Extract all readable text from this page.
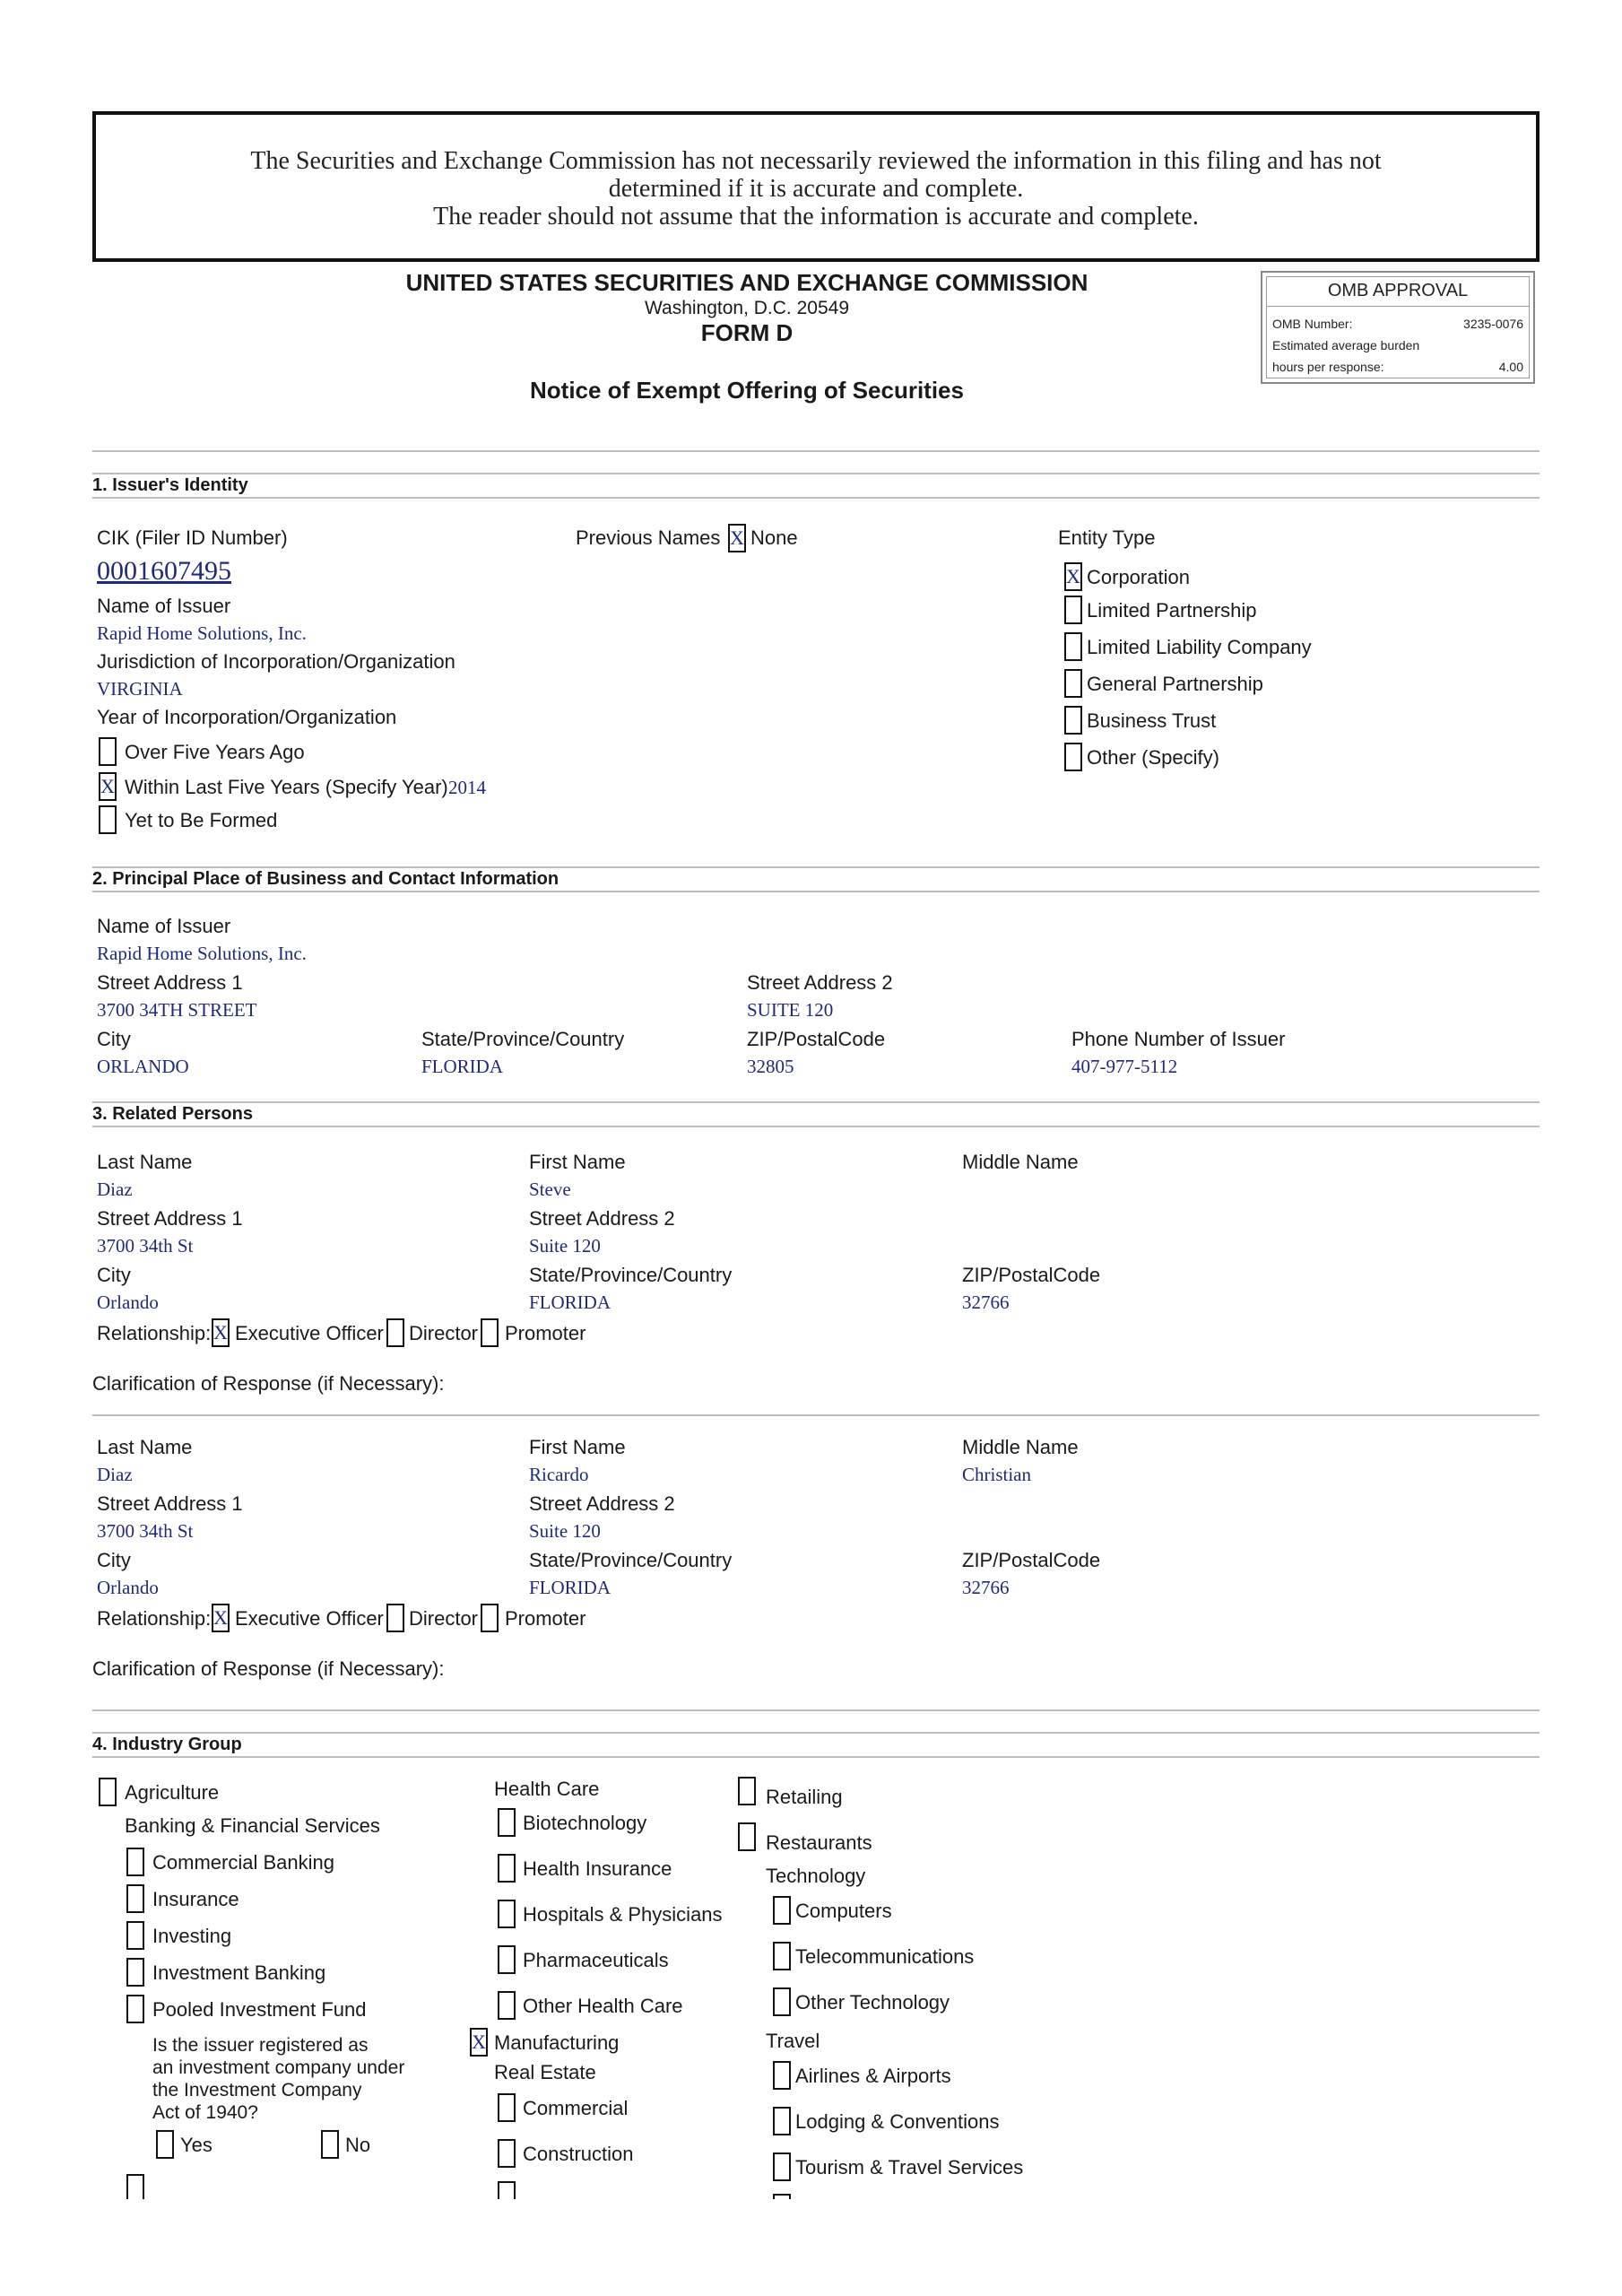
The Securities and Exchange Commission has not necessarily reviewed the information in this filing and has not
determined if it is accurate and complete.
The reader should not assume that the information is accurate and complete.
UNITED STATES SECURITIES AND EXCHANGE COMMISSION
Washington, D.C. 20549
FORM D
Notice of Exempt Offering of Securities
OMB APPROVAL
OMB Number:	3235-0076
Estimated average burden
hours per response:	4.00
1. Issuer's Identity
CIK (Filer ID Number)
0001607495
Name of Issuer
Rapid Home Solutions, Inc.
Jurisdiction of Incorporation/Organization
VIRGINIA
Year of Incorporation/Organization
Over Five Years Ago
X Within Last Five Years (Specify Year) 2014
Yet to Be Formed
Previous Names X None	Entity Type
X Corporation
Limited Partnership
Limited Liability Company
General Partnership
Business Trust
Other (Specify)
2. Principal Place of Business and Contact Information
Name of Issuer
Rapid Home Solutions, Inc.
Street Address 1
3700 34TH STREET
Street Address 2
SUITE 120
City
ORLANDO
State/Province/Country
FLORIDA
ZIP/PostalCode
32805
Phone Number of Issuer
407-977-5112
3. Related Persons
Last Name
Diaz
First Name
Steve
Middle Name
Street Address 1
3700 34th St
Street Address 2
Suite 120
City
Orlando
State/Province/Country
FLORIDA
ZIP/PostalCode
32766
Relationship: X Executive Officer Director Promoter
Clarification of Response (if Necessary):
Last Name
Diaz
First Name
Ricardo
Middle Name
Christian
Street Address 1
3700 34th St
Street Address 2
Suite 120
City
Orlando
State/Province/Country
FLORIDA
ZIP/PostalCode
32766
Relationship: X Executive Officer Director Promoter
Clarification of Response (if Necessary):
4. Industry Group
Agriculture
Banking & Financial Services
Commercial Banking
Insurance
Investing
Investment Banking
Pooled Investment Fund
Is the issuer registered as
an investment company under
the Investment Company
Act of 1940?
Yes	No
Health Care
Biotechnology
Health Insurance
Hospitals & Physicians
Pharmaceuticals
Other Health Care
X Manufacturing
Real Estate
Commercial
Construction
Retailing
Restaurants
Technology
Computers
Telecommunications
Other Technology
Travel
Airlines & Airports
Lodging & Conventions
Tourism & Travel Services
